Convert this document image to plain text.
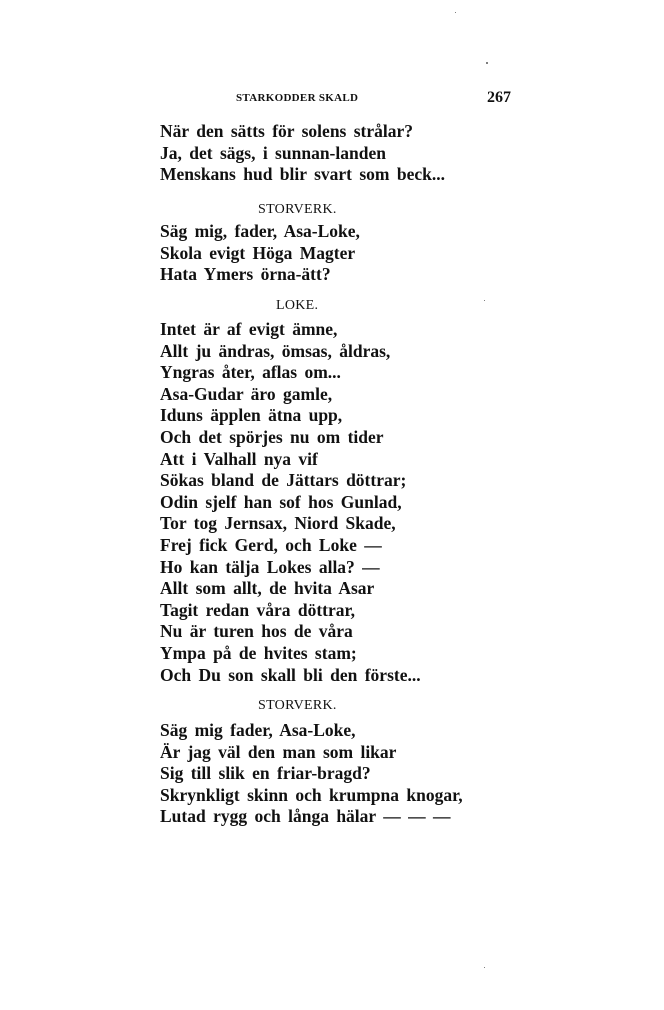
STARKODDER SKALD	267
När den sätts för solens strålar?
Ja, det sägs, i sunnan-landen
Menskans hud blir svart som beck...
STORVERK.
Säg mig, fader, Asa-Loke,
Skola evigt Höga Magter
Hata Ymers örna-ätt?
LOKE.
Intet är af evigt ämne,
Allt ju ändras, ömsas, åldras,
Yngras åter, aflas om...
Asa-Gudar äro gamle,
Iduns äpplen ätna upp,
Och det spörjes nu om tider
Att i Valhall nya vif
Sökas bland de Jättars döttrar;
Odin sjelf han sof hos Gunlad,
Tor tog Jernsax, Niord Skade,
Frej fick Gerd, och Loke —
Ho kan tälja Lokes alla? —
Allt som allt, de hvita Asar
Tagit redan våra döttrar,
Nu är turen hos de våra
Ympa på de hvites stam;
Och Du son skall bli den förste...
STORVERK.
Säg mig fader, Asa-Loke,
Är jag väl den man som likar
Sig till slik en friar-bragd?
Skrynkligt skinn och krumpna knogar,
Lutad rygg och långa hälar — — —
